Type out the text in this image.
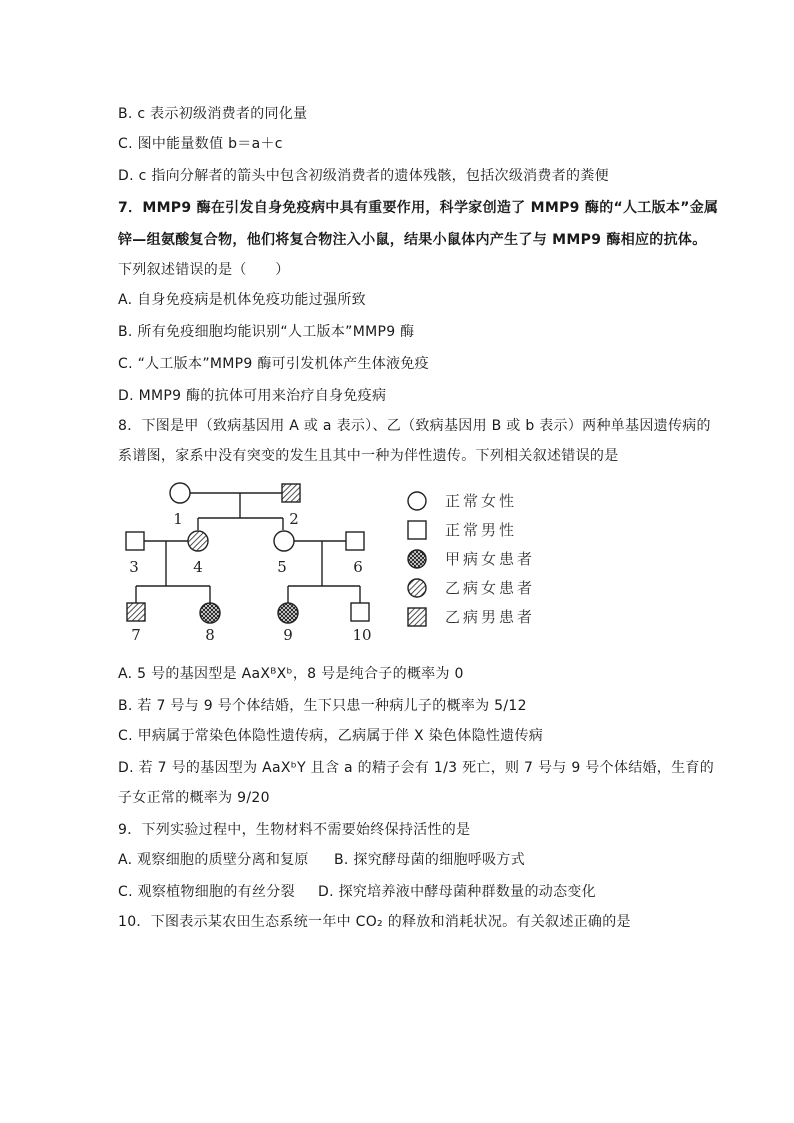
B. c 表示初级消费者的同化量
C. 图中能量数值 b＝a＋c
D. c 指向分解者的箭头中包含初级消费者的遗体残骸，包括次级消费者的粪便
7．MMP9 酶在引发自身免疫病中具有重要作用，科学家创造了 MMP9 酶的“人工版本”金属
锌—组氨酸复合物，他们将复合物注入小鼠，结果小鼠体内产生了与 MMP9 酶相应的抗体。
下列叙述错误的是（　　）
A. 自身免疫病是机体免疫功能过强所致
B. 所有免疫细胞均能识别“人工版本”MMP9 酶
C. “人工版本”MMP9 酶可引发机体产生体液免疫
D. MMP9 酶的抗体可用来治疗自身免疫病
8．下图是甲（致病基因用 A 或 a 表示）、乙（致病基因用 B 或 b 表示）两种单基因遗传病的
系谱图，家系中没有突变的发生且其中一种为伴性遗传。下列相关叙述错误的是
1	2
3	4	5	6
7	8	9	10
正常女性
正常男性
甲病女患者
乙病女患者
乙病男患者
A. 5 号的基因型是 AaXᴮXᵇ，8 号是纯合子的概率为 0
B. 若 7 号与 9 号个体结婚，生下只患一种病儿子的概率为 5/12
C. 甲病属于常染色体隐性遗传病，乙病属于伴 X 染色体隐性遗传病
D. 若 7 号的基因型为 AaXᵇY 且含 a 的精子会有 1/3 死亡，则 7 号与 9 号个体结婚，生育的
子女正常的概率为 9/20
9．下列实验过程中，生物材料不需要始终保持活性的是
A. 观察细胞的质壁分离和复原 B. 探究酵母菌的细胞呼吸方式
C. 观察植物细胞的有丝分裂 D. 探究培养液中酵母菌种群数量的动态变化
10．下图表示某农田生态系统一年中 CO₂ 的释放和消耗状况。有关叙述正确的是
